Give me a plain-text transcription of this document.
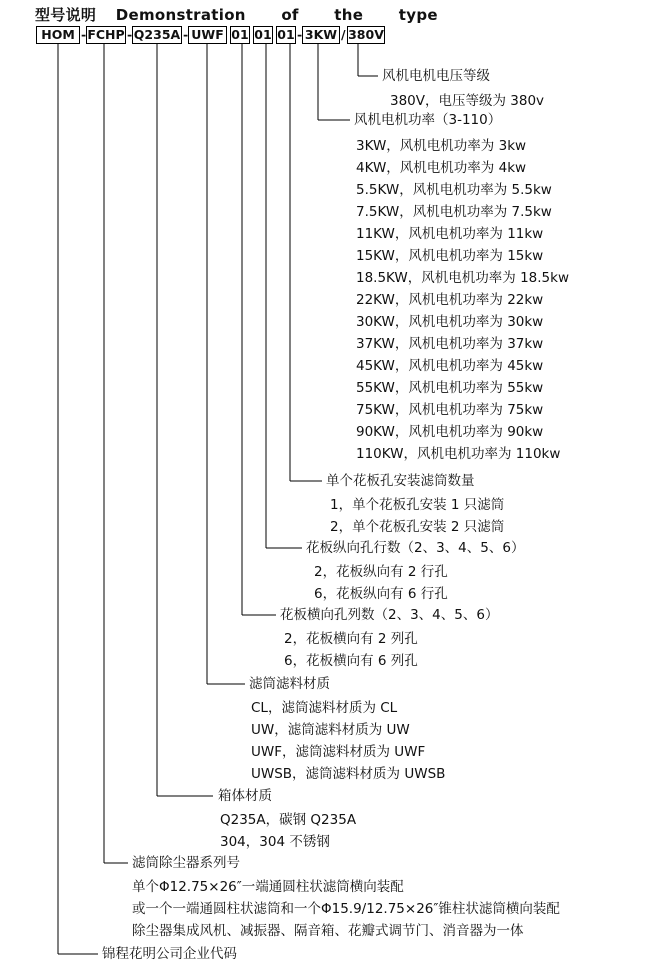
型号说明 Demonstration of the type
HOM - FCHP - Q235A - UWF 01 01 01 - 3KW / 380V
风机电机电压等级
380V，电压等级为 380v
风机电机功率（3-110）
3KW，风机电机功率为 3kw
4KW，风机电机功率为 4kw
5.5KW，风机电机功率为 5.5kw
7.5KW，风机电机功率为 7.5kw
11KW，风机电机功率为 11kw
15KW，风机电机功率为 15kw
18.5KW，风机电机功率为 18.5kw
22KW，风机电机功率为 22kw
30KW，风机电机功率为 30kw
37KW，风机电机功率为 37kw
45KW，风机电机功率为 45kw
55KW，风机电机功率为 55kw
75KW，风机电机功率为 75kw
90KW，风机电机功率为 90kw
110KW，风机电机功率为 110kw
单个花板孔安装滤筒数量
1，单个花板孔安装 1 只滤筒
2，单个花板孔安装 2 只滤筒
花板纵向孔行数（2、3、4、5、6）
2，花板纵向有 2 行孔
6，花板纵向有 6 行孔
花板横向孔列数（2、3、4、5、6）
2，花板横向有 2 列孔
6，花板横向有 6 列孔
滤筒滤料材质
CL，滤筒滤料材质为 CL
UW，滤筒滤料材质为 UW
UWF，滤筒滤料材质为 UWF
UWSB，滤筒滤料材质为 UWSB
箱体材质
Q235A，碳钢 Q235A
304，304 不锈钢
滤筒除尘器系列号
单个Φ12.75×26″一端通圆柱状滤筒横向装配
或一个一端通圆柱状滤筒和一个Φ15.9/12.75×26″锥柱状滤筒横向装配
除尘器集成风机、减振器、隔音箱、花瓣式调节门、消音器为一体
锦程花明公司企业代码
